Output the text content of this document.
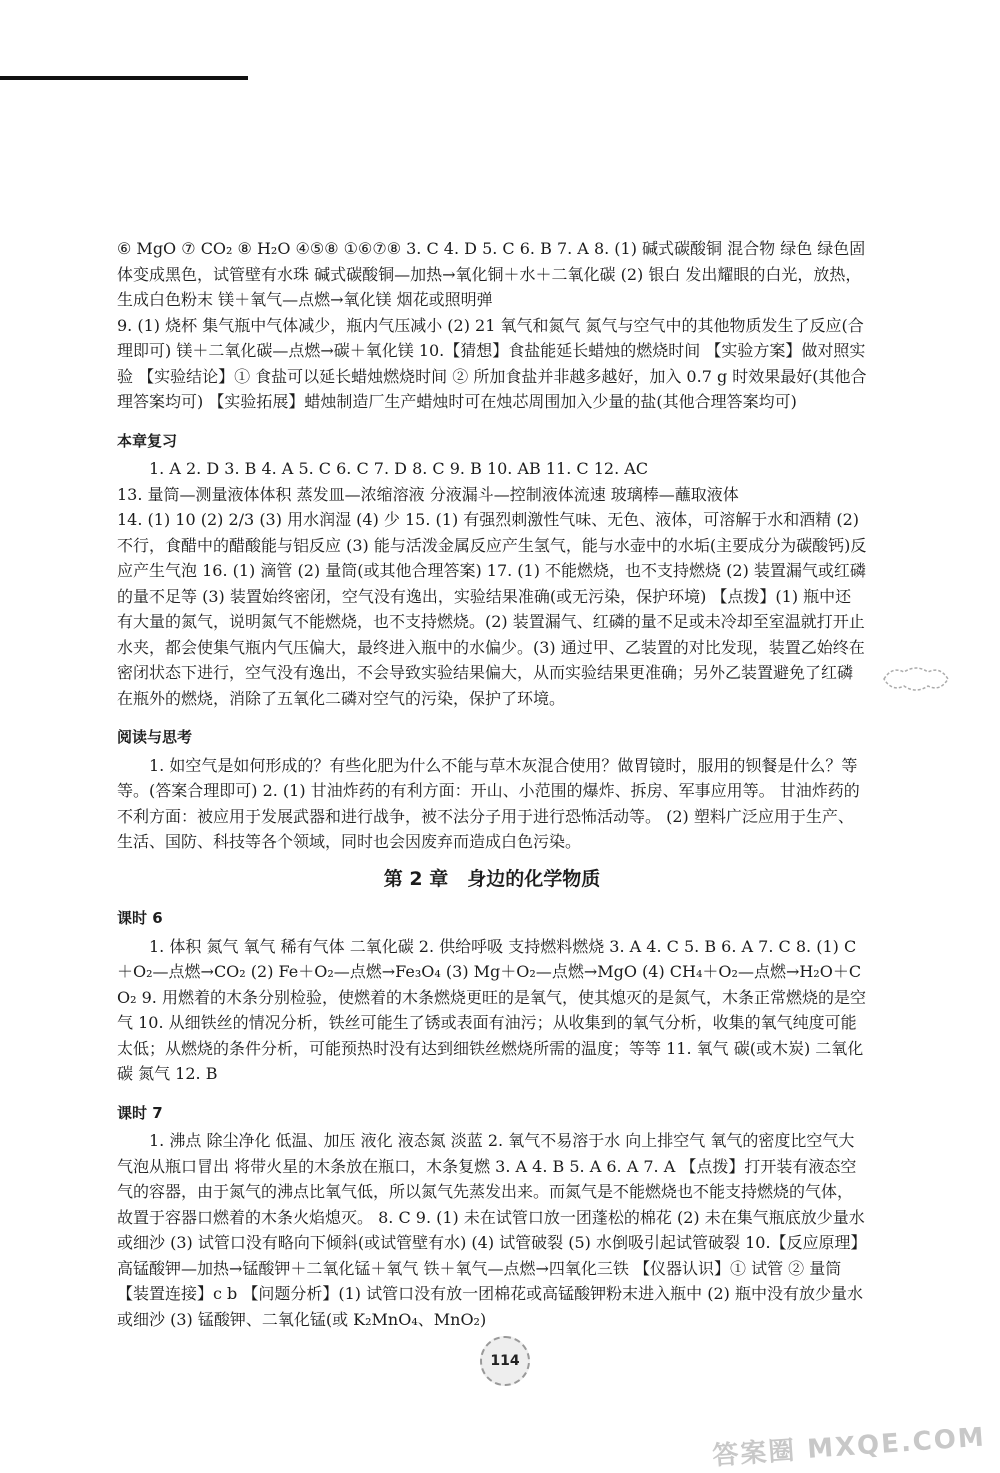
⑥ MgO ⑦ CO₂ ⑧ H₂O ④⑤⑧ ①⑥⑦⑧ 3. C 4. D 5. C 6. B 7. A 8. (1) 碱式碳酸铜 混合物 绿色 绿色固体变成黑色，试管壁有水珠 碱式碳酸铜—加热→氧化铜＋水＋二氧化碳 (2) 银白 发出耀眼的白光，放热，生成白色粉末 镁＋氧气—点燃→氧化镁 烟花或照明弹

9. (1) 烧杯 集气瓶中气体减少，瓶内气压减小 (2) 21 氧气和氮气 氮气与空气中的其他物质发生了反应(合理即可) 镁＋二氧化碳—点燃→碳＋氧化镁 10.【猜想】食盐能延长蜡烛的燃烧时间 【实验方案】做对照实验 【实验结论】① 食盐可以延长蜡烛燃烧时间 ② 所加食盐并非越多越好，加入 0.7 g 时效果最好(其他合理答案均可) 【实验拓展】蜡烛制造厂生产蜡烛时可在烛芯周围加入少量的盐(其他合理答案均可)

本章复习

1. A 2. D 3. B 4. A 5. C 6. C 7. D 8. C 9. B 10. AB 11. C 12. AC

13. 量筒—测量液体体积 蒸发皿—浓缩溶液 分液漏斗—控制液体流速 玻璃棒—蘸取液体

14. (1) 10 (2) 2/3 (3) 用水润湿 (4) 少 15. (1) 有强烈刺激性气味、无色、液体，可溶解于水和酒精 (2) 不行，食醋中的醋酸能与铝反应 (3) 能与活泼金属反应产生氢气，能与水壶中的水垢(主要成分为碳酸钙)反应产生气泡 16. (1) 滴管 (2) 量筒(或其他合理答案) 17. (1) 不能燃烧，也不支持燃烧 (2) 装置漏气或红磷的量不足等 (3) 装置始终密闭，空气没有逸出，实验结果准确(或无污染，保护环境) 【点拨】(1) 瓶中还有大量的氮气，说明氮气不能燃烧，也不支持燃烧。(2) 装置漏气、红磷的量不足或未冷却至室温就打开止水夹，都会使集气瓶内气压偏大，最终进入瓶中的水偏少。(3) 通过甲、乙装置的对比发现，装置乙始终在密闭状态下进行，空气没有逸出，不会导致实验结果偏大，从而实验结果更准确；另外乙装置避免了红磷在瓶外的燃烧，消除了五氧化二磷对空气的污染，保护了环境。

阅读与思考

1. 如空气是如何形成的？有些化肥为什么不能与草木灰混合使用？做胃镜时，服用的钡餐是什么？等等。(答案合理即可) 2. (1) 甘油炸药的有利方面：开山、小范围的爆炸、拆房、军事应用等。 甘油炸药的不利方面：被应用于发展武器和进行战争，被不法分子用于进行恐怖活动等。 (2) 塑料广泛应用于生产、生活、国防、科技等各个领域，同时也会因废弃而造成白色污染。

第 2 章　身边的化学物质
课时 6

1. 体积 氮气 氧气 稀有气体 二氧化碳 2. 供给呼吸 支持燃料燃烧 3. A 4. C 5. B 6. A 7. C 8. (1) C＋O₂—点燃→CO₂ (2) Fe＋O₂—点燃→Fe₃O₄ (3) Mg＋O₂—点燃→MgO (4) CH₄＋O₂—点燃→H₂O＋CO₂ 9. 用燃着的木条分别检验，使燃着的木条燃烧更旺的是氧气，使其熄灭的是氮气，木条正常燃烧的是空气 10. 从细铁丝的情况分析，铁丝可能生了锈或表面有油污；从收集到的氧气分析，收集的氧气纯度可能太低；从燃烧的条件分析，可能预热时没有达到细铁丝燃烧所需的温度；等等 11. 氧气 碳(或木炭) 二氧化碳 氮气 12. B

课时 7

1. 沸点 除尘净化 低温、加压 液化 液态氮 淡蓝 2. 氧气不易溶于水 向上排空气 氧气的密度比空气大 气泡从瓶口冒出 将带火星的木条放在瓶口，木条复燃 3. A 4. B 5. A 6. A 7. A 【点拨】打开装有液态空气的容器，由于氮气的沸点比氧气低，所以氮气先蒸发出来。而氮气是不能燃烧也不能支持燃烧的气体，故置于容器口燃着的木条火焰熄灭。 8. C 9. (1) 未在试管口放一团蓬松的棉花 (2) 未在集气瓶底放少量水或细沙 (3) 试管口没有略向下倾斜(或试管壁有水) (4) 试管破裂 (5) 水倒吸引起试管破裂 10.【反应原理】高锰酸钾—加热→锰酸钾＋二氧化锰＋氧气 铁＋氧气—点燃→四氧化三铁 【仪器认识】① 试管 ② 量筒 【装置连接】c b 【问题分析】(1) 试管口没有放一团棉花或高锰酸钾粉末进入瓶中 (2) 瓶中没有放少量水或细沙 (3) 锰酸钾、二氧化锰(或 K₂MnO₄、MnO₂)

114
答案圈 MXQE.COM
